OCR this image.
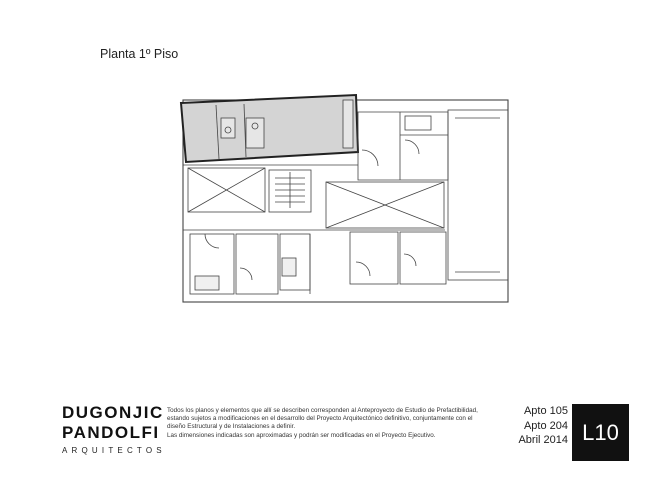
Planta 1º Piso
DUGONJIC
PANDOLFI
ARQUITECTOS
Todos los planos y elementos que allí se describen corresponden al Anteproyecto de Estudio de Prefactibilidad,
estando sujetos a modificaciones en el desarrollo del Proyecto Arquitectónico definitivo, conjuntamente con el
diseño Estructural y de Instalaciones a definir.
Las dimensiones indicadas son aproximadas y podrán ser modificadas en el Proyecto Ejecutivo.
Apto 105
Apto 204
Abril 2014 L10
